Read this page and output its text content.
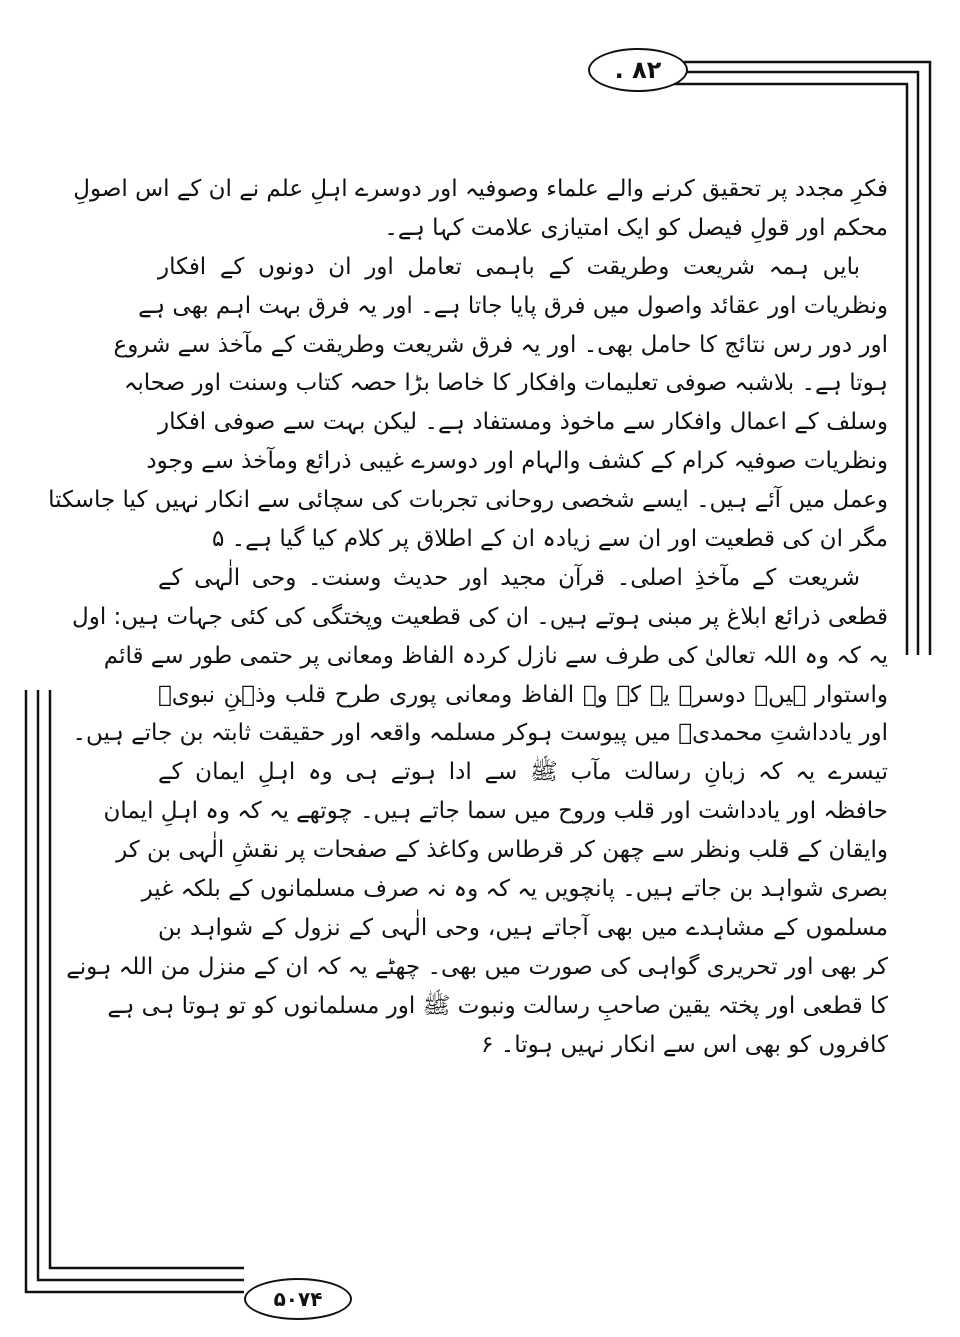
. ۸۲
فکرِ مجدد پر تحقیق کرنے والے علماء وصوفیہ اور دوسرے اہلِ علم نے ان کے اس اصولِ
محکم اور قولِ فیصل کو ایک امتیازی علامت کہا ہے۔
بایں ہمہ شریعت وطریقت کے باہمی تعامل اور ان دونوں کے افکار
ونظریات اور عقائد واصول میں فرق پایا جاتا ہے۔ اور یہ فرق بہت اہم بھی ہے
اور دور رس نتائج کا حامل بھی۔ اور یہ فرق شریعت وطریقت کے مآخذ سے شروع
ہوتا ہے۔ بلاشبہ صوفی تعلیمات وافکار کا خاصا بڑا حصہ کتاب وسنت اور صحابہ
وسلف کے اعمال وافکار سے ماخوذ ومستفاد ہے۔ لیکن بہت سے صوفی افکار
ونظریات صوفیہ کرام کے کشف والہام اور دوسرے غیبی ذرائع ومآخذ سے وجود
وعمل میں آئے ہیں۔ ایسے شخصی روحانی تجربات کی سچائی سے انکار نہیں کیا جاسکتا
مگر ان کی قطعیت اور ان سے زیادہ ان کے اطلاق پر کلام کیا گیا ہے۔ ۵
شریعت کے مآخذِ اصلی۔ قرآن مجید اور حدیث وسنت۔ وحی الٰہی کے
قطعی ذرائع ابلاغ پر مبنی ہوتے ہیں۔ ان کی قطعیت وپختگی کی کئی جہات ہیں: اول
یہ کہ وہ اللہ تعالیٰ کی طرف سے نازل کردہ الفاظ ومعانی پر حتمی طور سے قائم
واستوار ہیں۔ دوسرے یہ کہ وہ الفاظ ومعانی پوری طرح قلب وذہنِ نبویؐ
اور یادداشتِ محمدیؐ میں پیوست ہوکر مسلمہ واقعہ اور حقیقت ثابتہ بن جاتے ہیں۔
تیسرے یہ کہ زبانِ رسالت مآب ﷺ سے ادا ہوتے ہی وہ اہلِ ایمان کے
حافظہ اور یادداشت اور قلب وروح میں سما جاتے ہیں۔ چوتھے یہ کہ وہ اہلِ ایمان
وایقان کے قلب ونظر سے چھن کر قرطاس وکاغذ کے صفحات پر نقشِ الٰہی بن کر
بصری شواہد بن جاتے ہیں۔ پانچویں یہ کہ وہ نہ صرف مسلمانوں کے بلکہ غیر
مسلموں کے مشاہدے میں بھی آجاتے ہیں، وحی الٰہی کے نزول کے شواہد بن
کر بھی اور تحریری گواہی کی صورت میں بھی۔ چھٹے یہ کہ ان کے منزل من اللہ ہونے
کا قطعی اور پختہ یقین صاحبِ رسالت ونبوت ﷺ اور مسلمانوں کو تو ہوتا ہی ہے
کافروں کو بھی اس سے انکار نہیں ہوتا۔ ۶
۵۰۷۴
